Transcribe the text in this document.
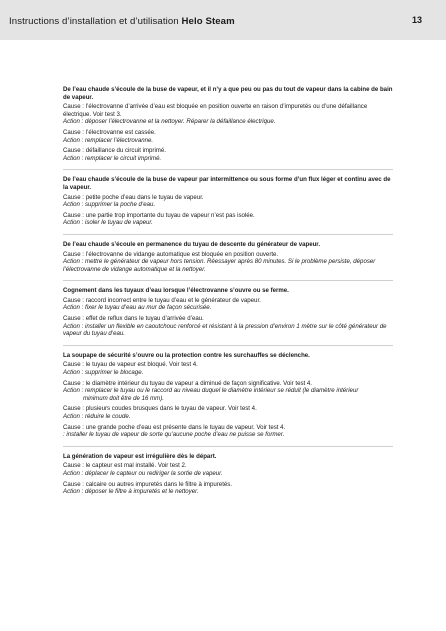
Instructions d’installation et d’utilisation Helo Steam	13
De l’eau chaude s’écoule de la buse de vapeur, et il n’y a que peu ou pas du tout de vapeur dans la cabine de bain de vapeur.
Cause : l’électrovanne d’arrivée d’eau est bloquée en position ouverte en raison d’impuretés ou d’une défaillance électrique. Voir test 3.
Action : déposer l’électrovanne et la nettoyer. Réparer la défaillance électrique.
Cause : l’électrovanne est cassée.
Action : remplacer l’électrovanne.
Cause : défaillance du circuit imprimé.
Action : remplacer le circuit imprimé.
De l’eau chaude s’écoule de la buse de vapeur par intermittence ou sous forme d’un flux léger et continu avec de la vapeur.
Cause : petite poche d’eau dans le tuyau de vapeur.
Action : supprimer la poche d’eau.
Cause : une partie trop importante du tuyau de vapeur n’est pas isolée.
Action : isoler le tuyau de vapeur.
De l’eau chaude s’écoule en permanence du tuyau de descente du générateur de vapeur.
Cause : l’électrovanne de vidange automatique est bloquée en position ouverte.
Action : mettre le générateur de vapeur hors tension. Réessayer après 80 minutes. Si le problème persiste, déposer l’électrovanne de vidange automatique et la nettoyer.
Cognement dans les tuyaux d’eau lorsque l’électrovanne s’ouvre ou se ferme.
Cause : raccord incorrect entre le tuyau d’eau et le générateur de vapeur.
Action : fixer le tuyau d’eau au mur de façon sécurisée.
Cause : effet de reflux dans le tuyau d’arrivée d’eau.
Action : installer un flexible en caoutchouc renforcé et résistant à la pression d’environ 1 mètre sur le côté générateur de vapeur du tuyau d’eau.
La soupape de sécurité s’ouvre ou la protection contre les surchauffes se déclenche.
Cause : le tuyau de vapeur est bloqué. Voir test 4.
Action : supprimer le blocage.
Cause : le diamètre intérieur du tuyau de vapeur a diminué de façon significative. Voir test 4.
Action : remplacer le tuyau ou le raccord au niveau duquel le diamètre intérieur se réduit (le diamètre intérieur
minimum doit être de 16 mm).
Cause : plusieurs coudes brusques dans le tuyau de vapeur. Voir test 4.
Action : réduire le coude.
Cause : une grande poche d’eau est présente dans le tuyau de vapeur. Voir test 4.
: installer le tuyau de vapeur de sorte qu’aucune poche d’eau ne puisse se former.
La génération de vapeur est irrégulière dès le départ.
Cause : le capteur est mal installé. Voir test 2.
Action : déplacer le capteur ou rediriger la sortie de vapeur.
Cause : calcaire ou autres impuretés dans le filtre à impuretés.
Action : déposer le filtre à impuretés et le nettoyer.
